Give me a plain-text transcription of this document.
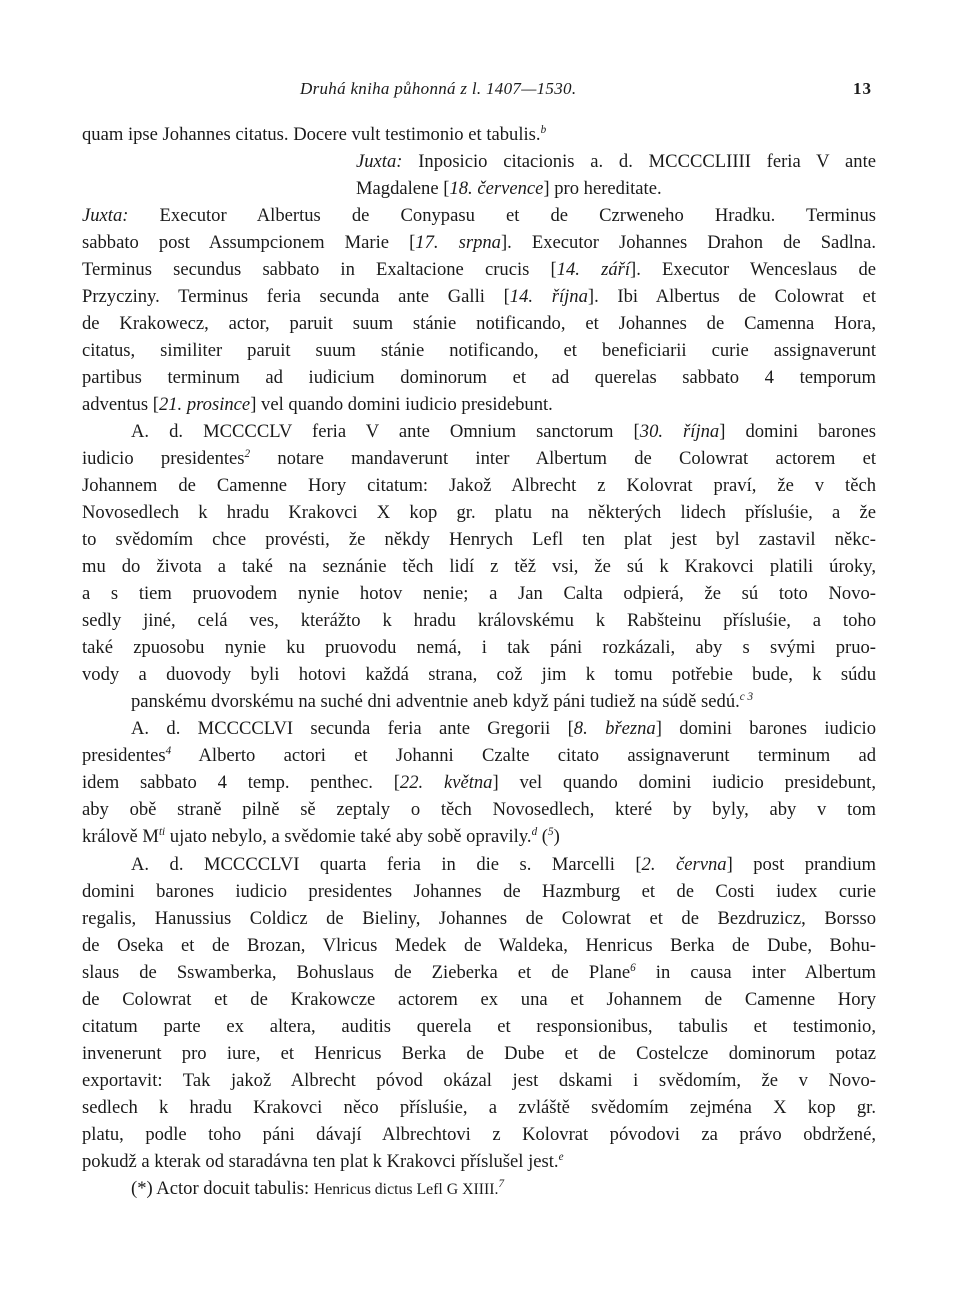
Druhá kniha půhonná z l. 1407—1530.	13
quam ipse Johannes citatus. Docere vult testimonio et tabulis.$^b$
Juxta: Inposicio citacionis a. d. MCCCCLIIII feria V ante
Magdalene [18. července] pro hereditate.
Juxta: Executor Albertus de Conypasu et de Czrweneho Hradku. Terminus
sabbato post Assumpcionem Marie [17. srpna]. Executor Johannes Drahon de Sadlna.
Terminus secundus sabbato in Exaltacione crucis [14. září]. Executor Wenceslaus de
Przycziny. Terminus feria secunda ante Galli [14. října]. Ibi Albertus de Colowrat et
de Krakowecz, actor, paruit suum stánie notificando, et Johannes de Camenna Hora,
citatus, similiter paruit suum stánie notificando, et beneficiarii curie assignaverunt
partibus terminum ad iudicium dominorum et ad querelas sabbato 4 temporum
adventus [21. prosince] vel quando domini iudicio presidebunt.
A. d. MCCCCLV feria V ante Omnium sanctorum [30. října] domini barones
iudicio presidentes$^2$ notare mandaverunt inter Albertum de Colowrat actorem et
Johannem de Camenne Hory citatum: Jakož Albrecht z Kolovrat praví, že v těch
Novosedlech k hradu Krakovci X kop gr. platu na některých lidech přísluśie, a že
to svědomím chce provésti, že někdy Henrych Lefl ten plat jest byl zastavil někc-
mu do života a také na seznánie těch lidí z těž vsi, že sú k Krakovci platili úroky,
a s tiem pruovodem nynie hotov nenie; a Jan Calta odpierá, že sú toto Novo-
sedly jiné, celá ves, kterážto k hradu královskému k Rabšteinu přísluśie, a toho
také zpuosobu nynie ku pruovodu nemá, i tak páni rozkázali, aby s svými pruo-
vody a duovody byli hotovi každá strana, což jim k tomu potřebie bude, k súdu
panskému dvorskému na suché dni adventnie aneb když páni tudiež na súdě sedú.$^{c 3}$
A. d. MCCCCLVI secunda feria ante Gregorii [8. března] domini barones iudicio
presidentes$^4$ Alberto actori et Johanni Czalte citato assignaverunt terminum ad
idem sabbato 4 temp. penthec. [22. května] vel quando domini iudicio presidebunt,
aby obě straně pilně sě zeptaly o těch Novosedlech, které by byly, aby v tom
králově M$^{ti}$ ujato nebylo, a svědomie také aby sobě opravily.$^d$ ($^5$)
A. d. MCCCCLVI quarta feria in die s. Marcelli [2. června] post prandium
domini barones iudicio presidentes Johannes de Hazmburg et de Costi iudex curie
regalis, Hanussius Coldicz de Bieliny, Johannes de Colowrat et de Bezdruzicz, Borsso
de Oseka et de Brozan, Vlricus Medek de Waldeka, Henricus Berka de Dube, Bohu-
slaus de Sswamberka, Bohuslaus de Zieberka et de Plane$^6$ in causa inter Albertum
de Colowrat et de Krakowcze actorem ex una et Johannem de Camenne Hory
citatum parte ex altera, auditis querela et responsionibus, tabulis et testimonio,
invenerunt pro iure, et Henricus Berka de Dube et de Costelcze dominorum potaz
exportavit: Tak jakož Albrecht póvod okázal jest dskami i svědomím, že v Novo-
sedlech k hradu Krakovci něco přísluśie, a zvláště svědomím zejména X kop gr.
platu, podle toho páni dávají Albrechtovi z Kolovrat póvodovi za právo obdržené,
pokudž a kterak od staradávna ten plat k Krakovci příslušel jest.$^e$
(*) Actor docuit tabulis: Henricus dictus Lefl G XIIII.$^7$
